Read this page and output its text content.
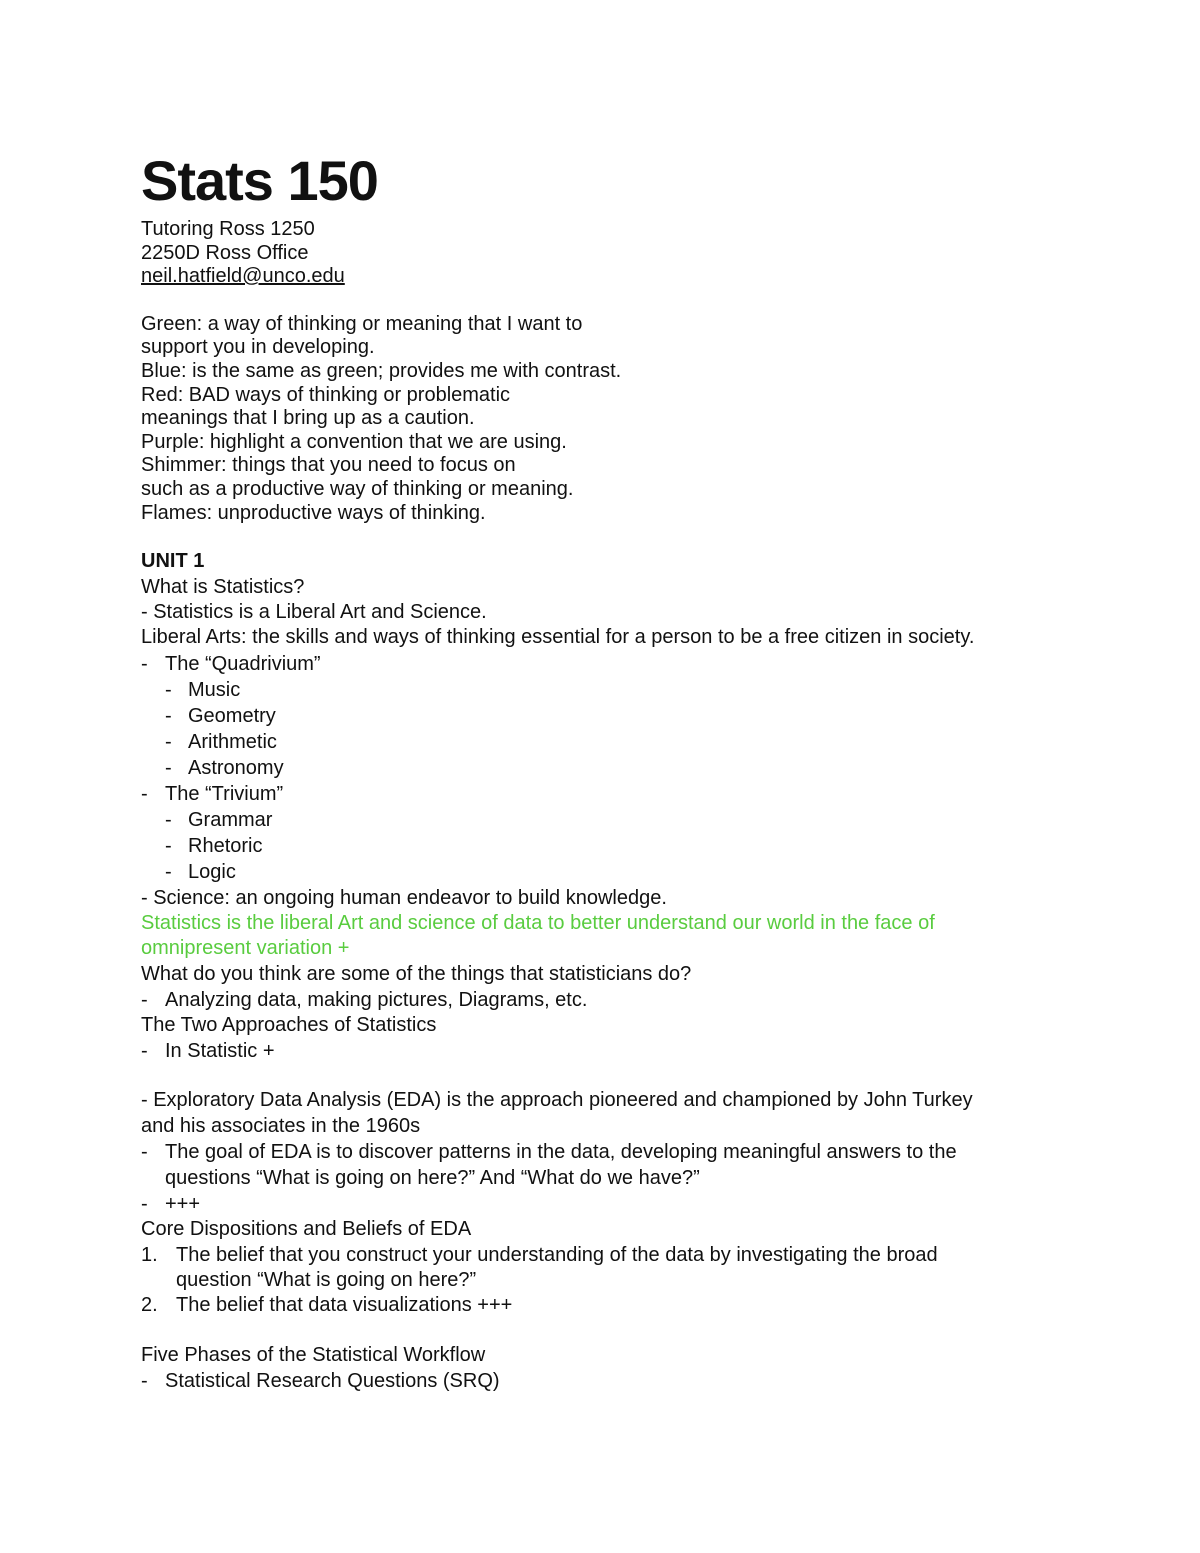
Stats 150
Tutoring Ross 1250
2250D Ross Office
neil.hatfield@unco.edu
Green: a way of thinking or meaning that I want to
support you in developing.
Blue: is the same as green; provides me with contrast.
Red: BAD ways of thinking or problematic
meanings that I bring up as a caution.
Purple: highlight a convention that we are using.
Shimmer: things that you need to focus on
such as a productive way of thinking or meaning.
Flames: unproductive ways of thinking.
UNIT 1
What is Statistics?
- Statistics is a Liberal Art and Science.
Liberal Arts: the skills and ways of thinking essential for a person to be a free citizen in society.
- The “Quadrivium”
- Music
- Geometry
- Arithmetic
- Astronomy
- The “Trivium”
- Grammar
- Rhetoric
- Logic
- Science: an ongoing human endeavor to build knowledge.
Statistics is the liberal Art and science of data to better understand our world in the face of
omnipresent variation +
What do you think are some of the things that statisticians do?
- Analyzing data, making pictures, Diagrams, etc.
The Two Approaches of Statistics
- In Statistic +
- Exploratory Data Analysis (EDA) is the approach pioneered and championed by John Turkey
and his associates in the 1960s
- The goal of EDA is to discover patterns in the data, developing meaningful answers to the
questions “What is going on here?” And “What do we have?”
- +++
Core Dispositions and Beliefs of EDA
1. The belief that you construct your understanding of the data by investigating the broad
question “What is going on here?”
2. The belief that data visualizations +++
Five Phases of the Statistical Workflow
- Statistical Research Questions (SRQ)
